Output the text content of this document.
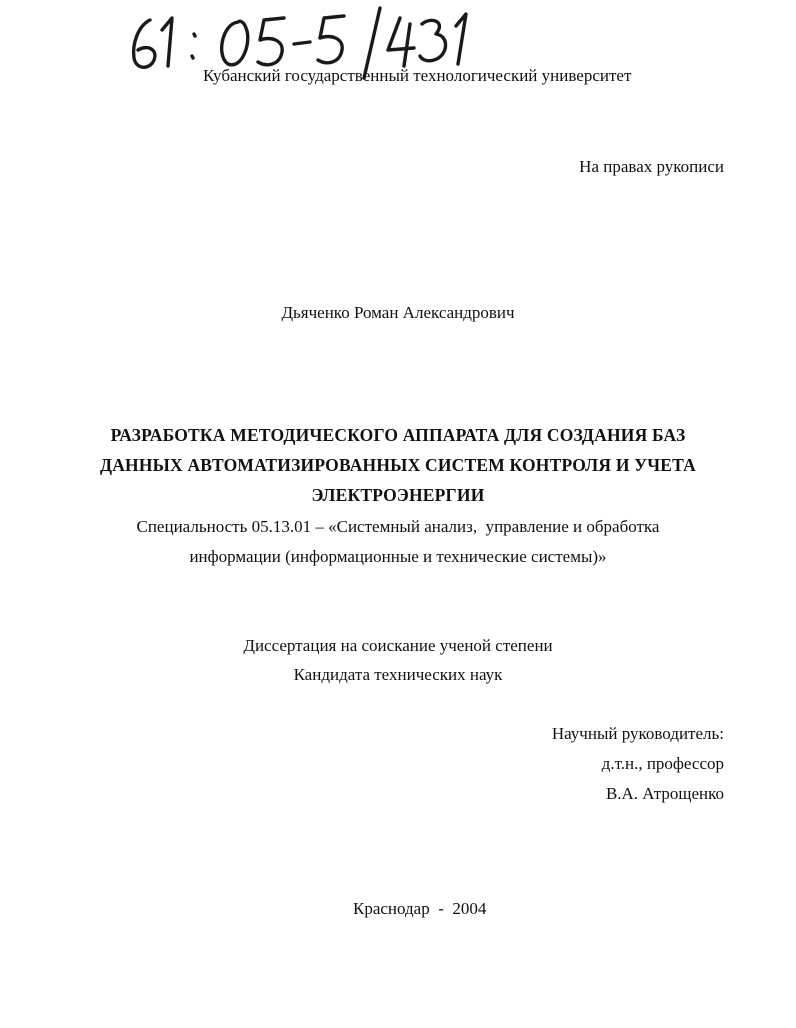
Кубанский государственный технологический университет
На правах рукописи
Дьяченко Роман Александрович
РАЗРАБОТКА МЕТОДИЧЕСКОГО АППАРАТА ДЛЯ СОЗДАНИЯ БАЗ
ДАННЫХ АВТОМАТИЗИРОВАННЫХ СИСТЕМ КОНТРОЛЯ И УЧЕТА
ЭЛЕКТРОЭНЕРГИИ
Специальность 05.13.01 – «Системный анализ,  управление и обработка
информации (информационные и технические системы)»
Диссертация на соискание ученой степени
Кандидата технических наук
Научный руководитель:
д.т.н., профессор
В.А. Атрощенко
Краснодар  -  2004
